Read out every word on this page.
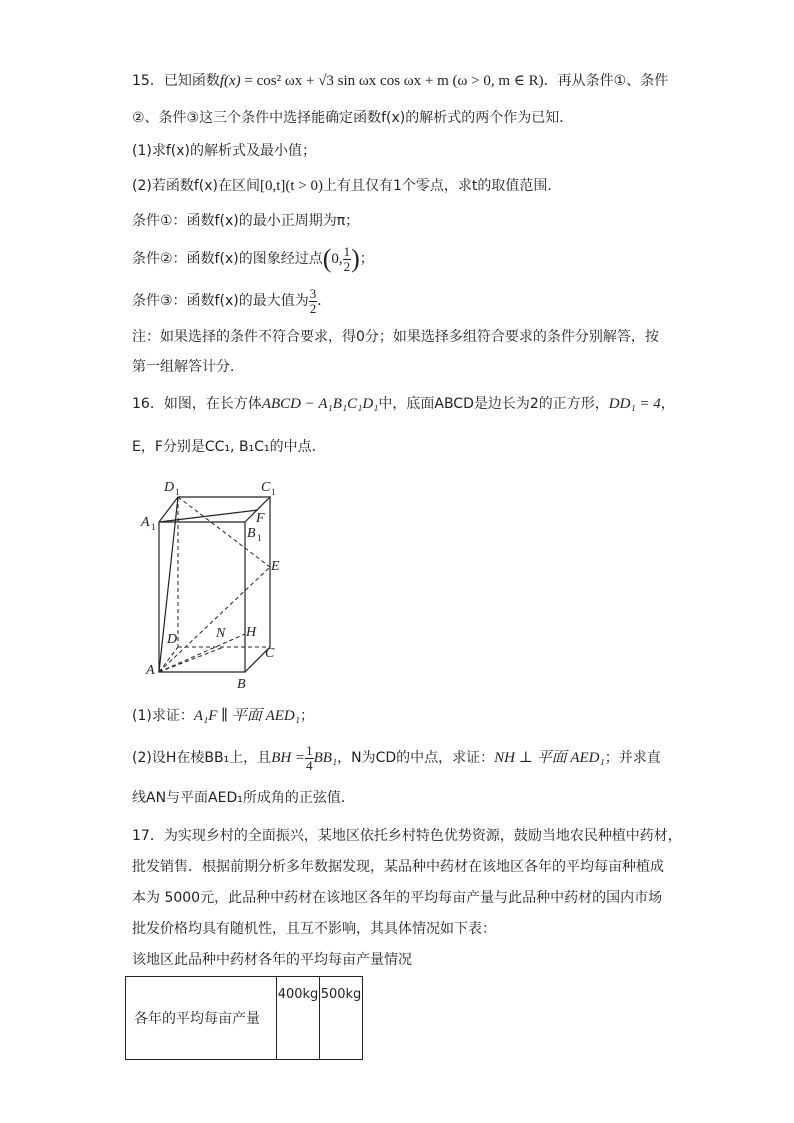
15．已知函数f(x) = cos² ωx + √3 sin ωx cos ωx + m (ω > 0, m ∈ R)．再从条件①、条件
②、条件③这三个条件中选择能确定函数f(x)的解析式的两个作为已知．
(1)求f(x)的解析式及最小值；
(2)若函数f(x)在区间[0,t](t > 0)上有且仅有1个零点，求t的取值范围．
条件①：函数f(x)的最小正周期为π；
条件②：函数f(x)的图象经过点(0, $\frac{1}{2}$ )；
条件③：函数f(x)的最大值为 $\frac{3}{2}$ ．
注：如果选择的条件不符合要求，得0分；如果选择多组符合要求的条件分别解答，按
第一组解答计分．
16．如图，在长方体ABCD − A₁B₁C₁D₁中，底面ABCD是边长为2的正方形，DD₁ = 4，
E，F分别是CC₁, B₁C₁的中点．
D 1	C 1
A 1
F
B 1
E
D	N H
C
A
B
(1)求证：A₁F ∥ 平面 AED₁；
(2)设H在棱BB₁上，且BH = $\frac{1}{4} BB_1$，N为CD的中点，求证：NH ⊥ 平面 AED₁；并求直
线AN与平面AED₁所成角的正弦值．
17．为实现乡村的全面振兴，某地区依托乡村特色优势资源，鼓励当地农民种植中药材，
批发销售．根据前期分析多年数据发现，某品种中药材在该地区各年的平均每亩种植成
本为 5000元，此品种中药材在该地区各年的平均每亩产量与此品种中药材的国内市场
批发价格均具有随机性，且互不影响，其具体情况如下表：
该地区此品种中药材各年的平均每亩产量情况
各年的平均每亩产量	400kg	500kg
